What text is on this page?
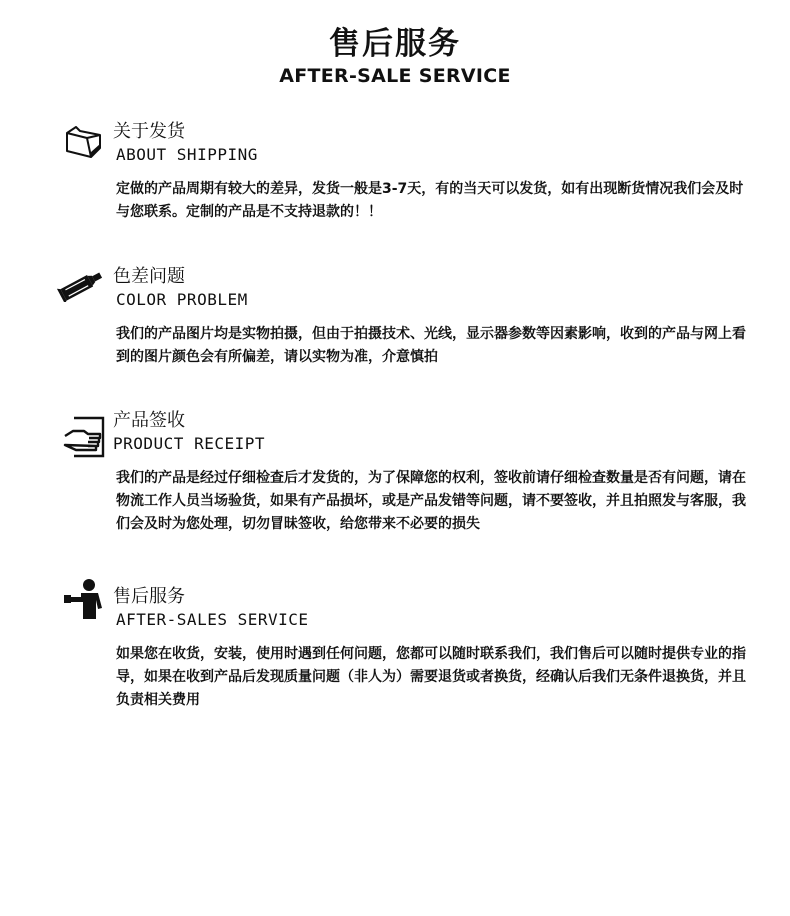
售后服务
AFTER-SALE SERVICE
关于发货
ABOUT SHIPPING

定做的产品周期有较大的差异，发货一般是3-7天，有的当天可以发货，如有出现断货情况我们会及时与您联系。定制的产品是不支持退款的！！

色差问题
COLOR PROBLEM

我们的产品图片均是实物拍摄，但由于拍摄技术、光线，显示器参数等因素影响，收到的产品与网上看到的图片颜色会有所偏差，请以实物为准，介意慎拍

产品签收
PRODUCT RECEIPT

我们的产品是经过仔细检查后才发货的，为了保障您的权利，签收前请仔细检查数量是否有问题，请在物流工作人员当场验货，如果有产品损坏，或是产品发错等问题，请不要签收，并且拍照发与客服，我们会及时为您处理，切勿冒昧签收，给您带来不必要的损失

售后服务
AFTER-SALES SERVICE

如果您在收货，安装，使用时遇到任何问题，您都可以随时联系我们，我们售后可以随时提供专业的指导，如果在收到产品后发现质量问题（非人为）需要退货或者换货，经确认后我们无条件退换货，并且负责相关费用
